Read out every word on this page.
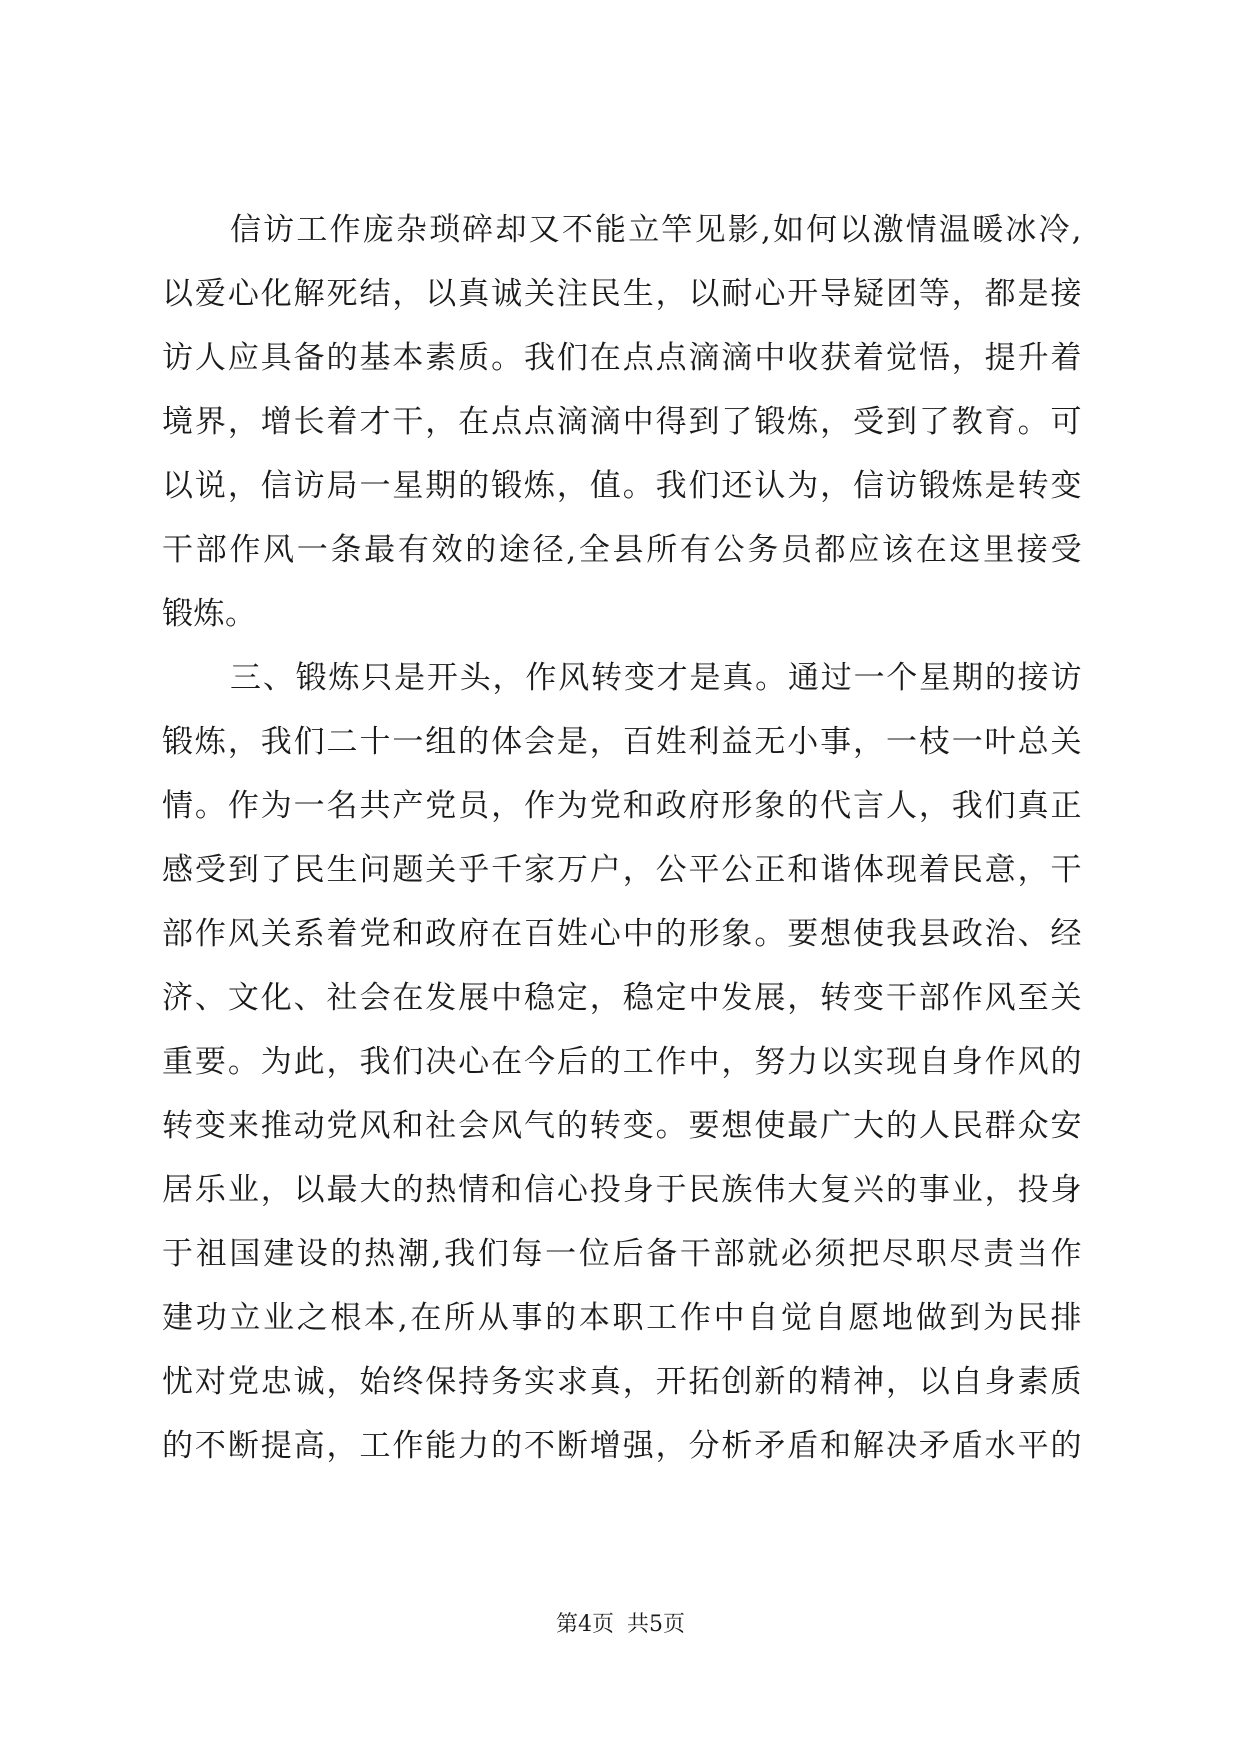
信访工作庞杂琐碎却又不能立竿见影,如何以激情温暖冰冷,
以爱心化解死结，以真诚关注民生，以耐心开导疑团等，都是接
访人应具备的基本素质。我们在点点滴滴中收获着觉悟，提升着
境界，增长着才干，在点点滴滴中得到了锻炼，受到了教育。可
以说，信访局一星期的锻炼，值。我们还认为，信访锻炼是转变
干部作风一条最有效的途径,全县所有公务员都应该在这里接受
锻炼。
三、锻炼只是开头，作风转变才是真。通过一个星期的接访
锻炼，我们二十一组的体会是，百姓利益无小事，一枝一叶总关
情。作为一名共产党员，作为党和政府形象的代言人，我们真正
感受到了民生问题关乎千家万户，公平公正和谐体现着民意，干
部作风关系着党和政府在百姓心中的形象。要想使我县政治、经
济、文化、社会在发展中稳定，稳定中发展，转变干部作风至关
重要。为此，我们决心在今后的工作中，努力以实现自身作风的
转变来推动党风和社会风气的转变。要想使最广大的人民群众安
居乐业，以最大的热情和信心投身于民族伟大复兴的事业，投身
于祖国建设的热潮,我们每一位后备干部就必须把尽职尽责当作
建功立业之根本,在所从事的本职工作中自觉自愿地做到为民排
忧对党忠诚，始终保持务实求真，开拓创新的精神，以自身素质
的不断提高，工作能力的不断增强，分析矛盾和解决矛盾水平的
第4页 共5页
